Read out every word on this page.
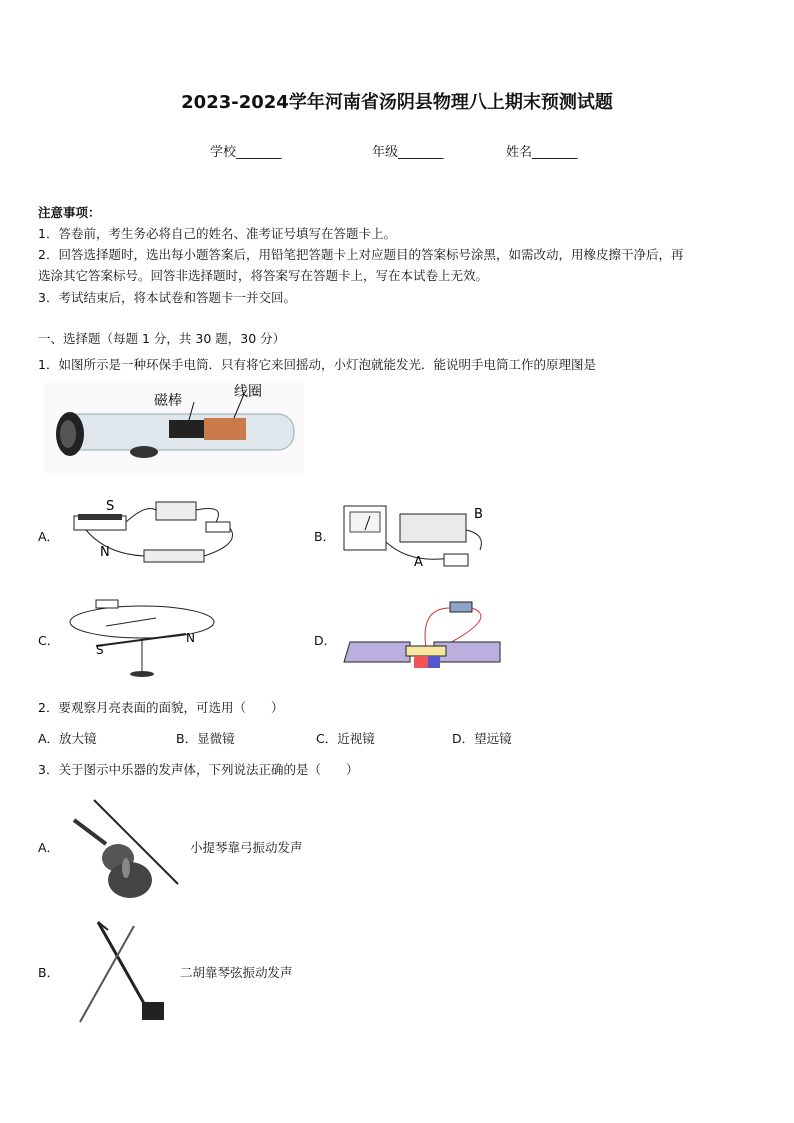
2023-2024学年河南省汤阴县物理八上期末预测试题
学校_______	年级_______	姓名_______
注意事项：
1．答卷前，考生务必将自己的姓名、准考证号填写在答题卡上。
2．回答选择题时，选出每小题答案后，用铅笔把答题卡上对应题目的答案标号涂黑，如需改动，用橡皮擦干净后，再
选涂其它答案标号。回答非选择题时，将答案写在答题卡上，写在本试卷上无效。
3．考试结束后，将本试卷和答题卡一并交回。
一、选择题（每题 1 分，共 30 题，30 分）
1．如图所示是一种环保手电筒．只有将它来回摇动，小灯泡就能发光．能说明手电筒工作的原理图是
磁棒
线圈
A．
S
N
B．
B
A
C．
S
N	D．
2．要观察月亮表面的面貌，可选用（　　）
A．放大镜	B．显微镜	C．近视镜	D．望远镜
3．关于图示中乐器的发声体，下列说法正确的是（　　）
A．	小提琴靠弓振动发声
B．	二胡靠琴弦振动发声
